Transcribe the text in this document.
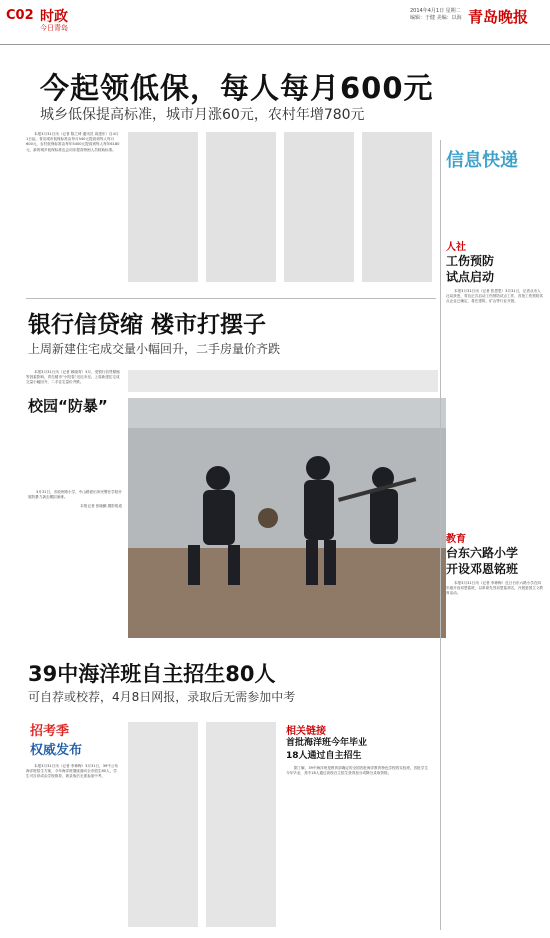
C02 时政
今日青岛
2014年4月1日 星期二
编辑：于健 美编：以海 青岛晚报
今起领低保，每人每月600元
城乡低保提高标准，城市月涨60元，农村年增780元

本报3月31日讯（记者 陈之绮 通讯员 周建东）自4月1日起，青岛城市低保标准由每月540元提高到每人每月600元，农村低保标准由每年5400元提高到每人每年6180元，新的城乡低保标准也会同步提高特困人员救助标准。

银行信贷缩 楼市打摆子
上周新建住宅成交量小幅回升，二手房量价齐跌

本报3月31日讯（记者 顾晓青）3月，受银行信贷紧缩等因素影响，青岛楼市“小阳春”迟迟未至。上周新建住宅成交量小幅回升，二手住宅量价齐跌。

校园“防暴”

3月31日，市胶州路小学，中山路派出所民警在学校开展防暴力袭击模拟演练。

本报记者 张晓鹏 摄影报道
39中海洋班自主招生80人
可自荐或校荐，4月8日网报，录取后无需参加中考
招考季
权威发布

本报3月31日讯（记者 李珍梅）3月31日，39中公布海洋班招生方案，今年海洋班继续面向全市招生80人，学生可自荐或由学校推荐，被录取后无需参加中考。

相关链接
首批海洋班今年毕业
18人通过自主招生

据了解，39中海洋班是教育部确定的全国首批海洋教育特色学校的实验班，首批学生今年毕业，其中18人通过高校自主招生获得加分或降分录取资格。

信息快递
人社
工伤预防
试点启动

本报3月31日讯（记者 张思思）3月31日，记者从市人社局获悉，青岛正式启动工伤预防试点工作，首批工伤预防试点企业已确定，将在建筑、矿山等行业开展。

教育
台东六路小学
开设邓恩铭班

本报3月31日讯（记者 李珍梅）近日台东六路小学在四年级开设邓恩铭班，以革命先烈邓恩铭命名，开展爱国主义教育活动。
